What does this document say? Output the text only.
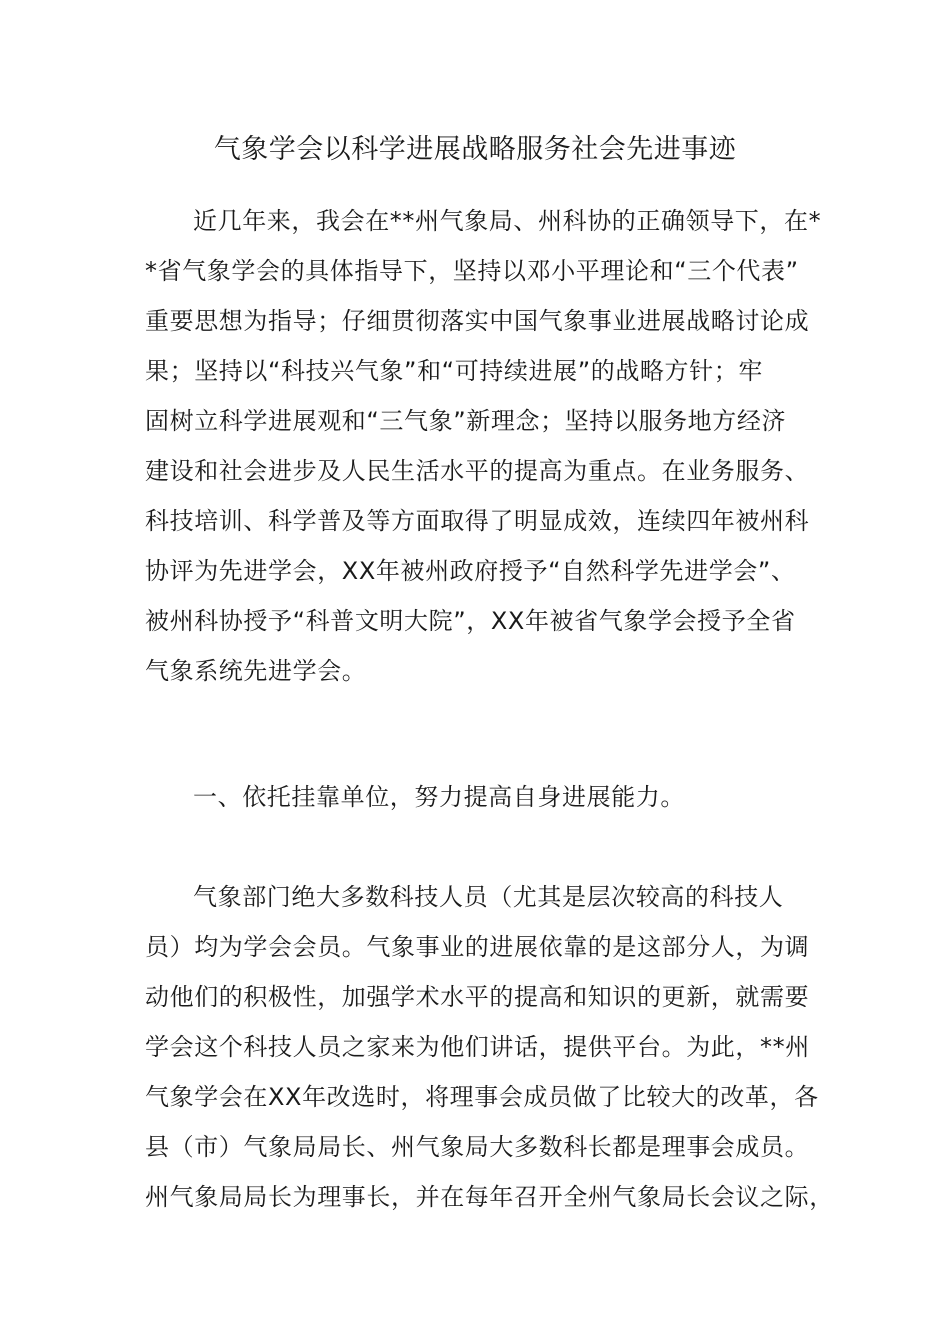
气象学会以科学进展战略服务社会先进事迹
近几年来，我会在**州气象局、州科协的正确领导下，在*
*省气象学会的具体指导下，坚持以邓小平理论和“三个代表”
重要思想为指导；仔细贯彻落实中国气象事业进展战略讨论成
果；坚持以“科技兴气象”和“可持续进展”的战略方针；牢
固树立科学进展观和“三气象”新理念；坚持以服务地方经济
建设和社会进步及人民生活水平的提高为重点。在业务服务、
科技培训、科学普及等方面取得了明显成效，连续四年被州科
协评为先进学会，XX年被州政府授予“自然科学先进学会”、
被州科协授予“科普文明大院”，XX年被省气象学会授予全省
气象系统先进学会。
一、依托挂靠单位，努力提高自身进展能力。
气象部门绝大多数科技人员（尤其是层次较高的科技人
员）均为学会会员。气象事业的进展依靠的是这部分人，为调
动他们的积极性，加强学术水平的提高和知识的更新，就需要
学会这个科技人员之家来为他们讲话，提供平台。为此，**州
气象学会在XX年改选时，将理事会成员做了比较大的改革，各
县（市）气象局局长、州气象局大多数科长都是理事会成员。
州气象局局长为理事长，并在每年召开全州气象局长会议之际，
